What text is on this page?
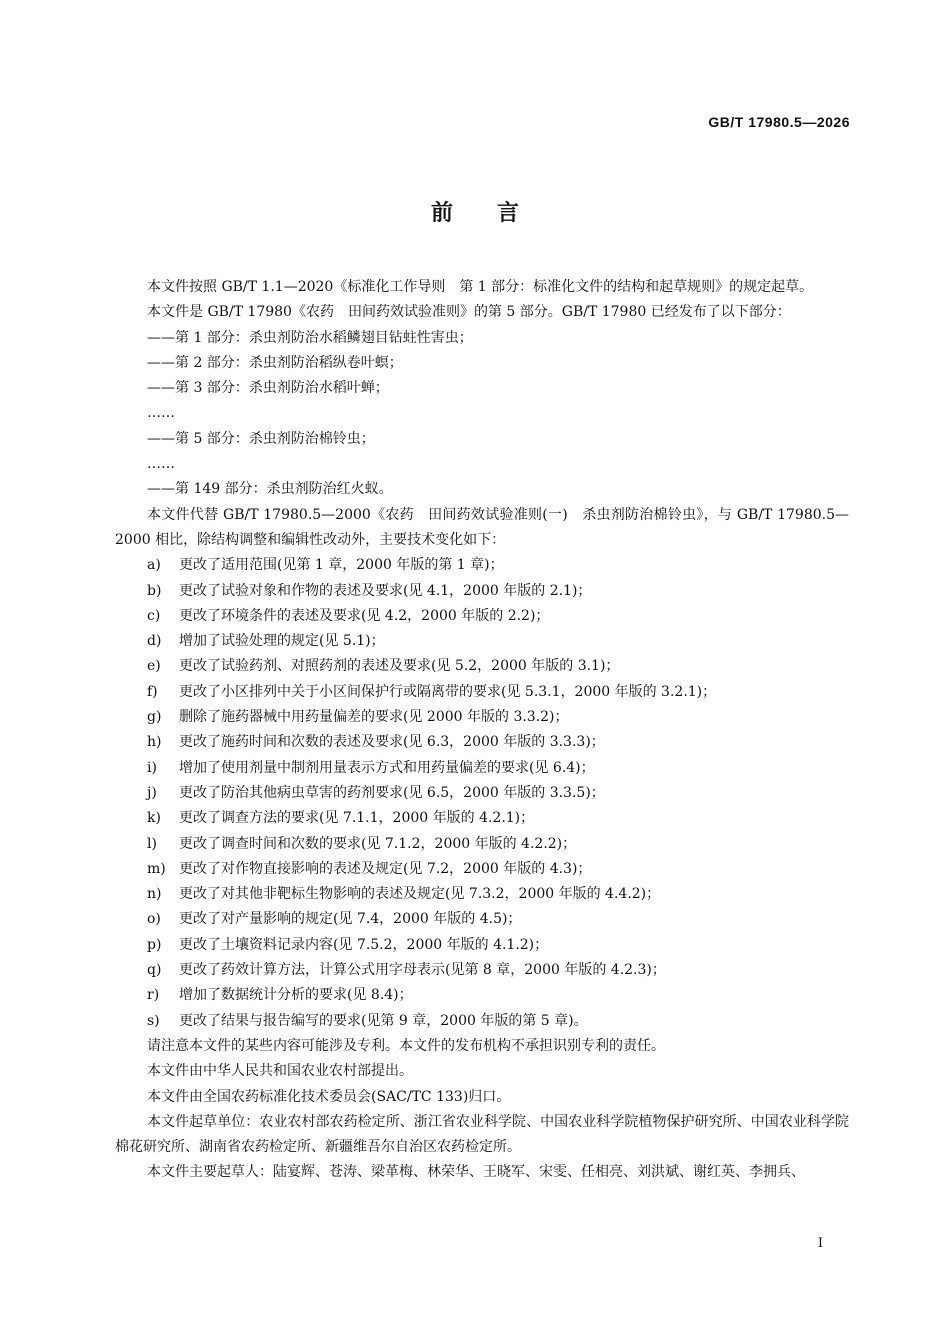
GB/T 17980.5—2026
前言
本文件按照 GB/T 1.1—2020《标准化工作导则　第 1 部分：标准化文件的结构和起草规则》的规定起草。
本文件是 GB/T 17980《农药　田间药效试验准则》的第 5 部分。GB/T 17980 已经发布了以下部分：
——第 1 部分：杀虫剂防治水稻鳞翅目钻蛀性害虫；
——第 2 部分：杀虫剂防治稻纵卷叶螟；
——第 3 部分：杀虫剂防治水稻叶蝉；
……
——第 5 部分：杀虫剂防治棉铃虫；
……
——第 149 部分：杀虫剂防治红火蚁。
本文件代替 GB/T 17980.5—2000《农药　田间药效试验准则(一)　杀虫剂防治棉铃虫》，与 GB/T 17980.5—2000 相比，除结构调整和编辑性改动外，主要技术变化如下：
a) 更改了适用范围(见第 1 章，2000 年版的第 1 章)；
b) 更改了试验对象和作物的表述及要求(见 4.1，2000 年版的 2.1)；
c) 更改了环境条件的表述及要求(见 4.2，2000 年版的 2.2)；
d) 增加了试验处理的规定(见 5.1)；
e) 更改了试验药剂、对照药剂的表述及要求(见 5.2，2000 年版的 3.1)；
f) 更改了小区排列中关于小区间保护行或隔离带的要求(见 5.3.1，2000 年版的 3.2.1)；
g) 删除了施药器械中用药量偏差的要求(见 2000 年版的 3.3.2)；
h) 更改了施药时间和次数的表述及要求(见 6.3，2000 年版的 3.3.3)；
i) 增加了使用剂量中制剂用量表示方式和用药量偏差的要求(见 6.4)；
j) 更改了防治其他病虫草害的药剂要求(见 6.5，2000 年版的 3.3.5)；
k) 更改了调查方法的要求(见 7.1.1，2000 年版的 4.2.1)；
l) 更改了调查时间和次数的要求(见 7.1.2，2000 年版的 4.2.2)；
m) 更改了对作物直接影响的表述及规定(见 7.2，2000 年版的 4.3)；
n) 更改了对其他非靶标生物影响的表述及规定(见 7.3.2，2000 年版的 4.4.2)；
o) 更改了对产量影响的规定(见 7.4，2000 年版的 4.5)；
p) 更改了土壤资料记录内容(见 7.5.2，2000 年版的 4.1.2)；
q) 更改了药效计算方法，计算公式用字母表示(见第 8 章，2000 年版的 4.2.3)；
r) 增加了数据统计分析的要求(见 8.4)；
s) 更改了结果与报告编写的要求(见第 9 章，2000 年版的第 5 章)。
请注意本文件的某些内容可能涉及专利。本文件的发布机构不承担识别专利的责任。
本文件由中华人民共和国农业农村部提出。
本文件由全国农药标准化技术委员会(SAC/TC 133)归口。
本文件起草单位：农业农村部农药检定所、浙江省农业科学院、中国农业科学院植物保护研究所、中国农业科学院棉花研究所、湖南省农药检定所、新疆维吾尔自治区农药检定所。
本文件主要起草人：陆宴辉、苍涛、梁革梅、林荣华、王晓军、宋雯、任相亮、刘洪斌、谢红英、李拥兵、
I
